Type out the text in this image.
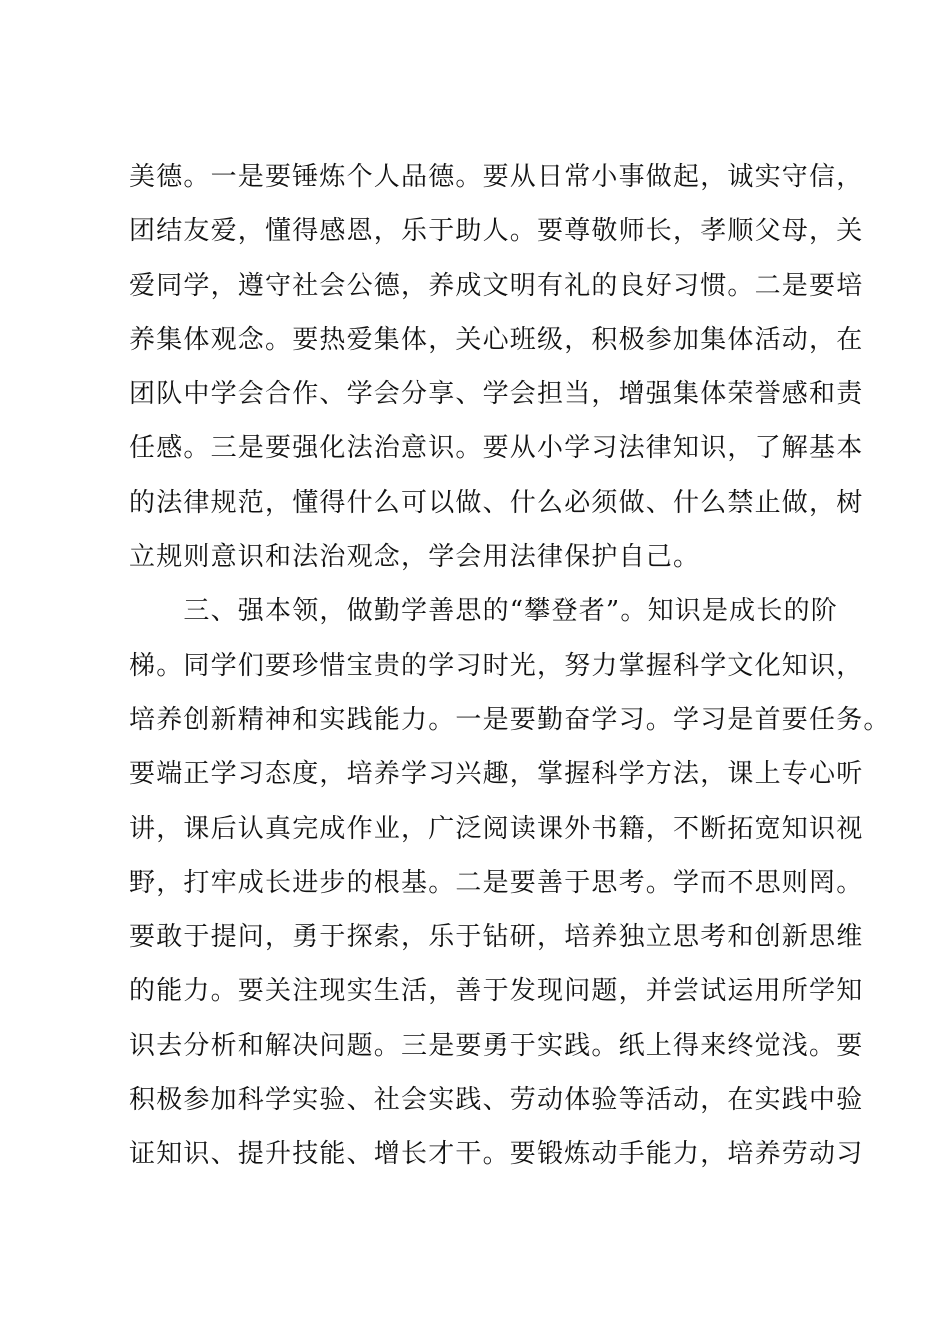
美德。一是要锤炼个人品德。要从日常小事做起，诚实守信，
团结友爱，懂得感恩，乐于助人。要尊敬师长，孝顺父母，关
爱同学，遵守社会公德，养成文明有礼的良好习惯。二是要培
养集体观念。要热爱集体，关心班级，积极参加集体活动，在
团队中学会合作、学会分享、学会担当，增强集体荣誉感和责
任感。三是要强化法治意识。要从小学习法律知识，了解基本
的法律规范，懂得什么可以做、什么必须做、什么禁止做，树
立规则意识和法治观念，学会用法律保护自己。
　　三、强本领，做勤学善思的“攀登者”。知识是成长的阶
梯。同学们要珍惜宝贵的学习时光，努力掌握科学文化知识，
培养创新精神和实践能力。一是要勤奋学习。学习是首要任务。
要端正学习态度，培养学习兴趣，掌握科学方法，课上专心听
讲，课后认真完成作业，广泛阅读课外书籍，不断拓宽知识视
野，打牢成长进步的根基。二是要善于思考。学而不思则罔。
要敢于提问，勇于探索，乐于钻研，培养独立思考和创新思维
的能力。要关注现实生活，善于发现问题，并尝试运用所学知
识去分析和解决问题。三是要勇于实践。纸上得来终觉浅。要
积极参加科学实验、社会实践、劳动体验等活动，在实践中验
证知识、提升技能、增长才干。要锻炼动手能力，培养劳动习
